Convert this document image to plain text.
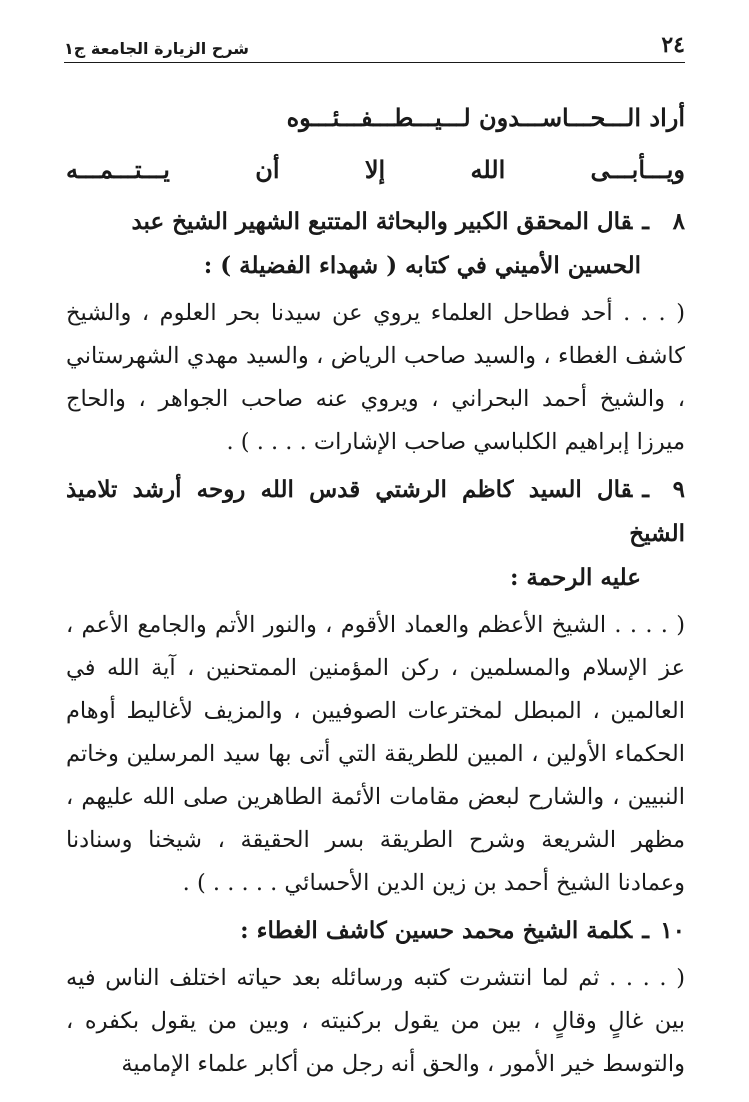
٢٤
شرح الزيارة الجامعة ج١
أراد الـــحـــاســـدون لـــيـــطـــفـــئـــوه
ويـــأبـــى الله إلا أن يـــتـــمـــه
٨ـقال المحقق الكبير والبحاثة المتتبع الشهير الشيخ عبد
الحسين الأميني في كتابه ( شهداء الفضيلة ) :
( . . . أحد فطاحل العلماء يروي عن سيدنا بحر العلوم ، والشيخ كاشف الغطاء ، والسيد صاحب الرياض ، والسيد مهدي الشهرستاني ، والشيخ أحمد البحراني ، ويروي عنه صاحب الجواهر ، والحاج ميرزا إبراهيم الكلباسي صاحب الإشارات . . . . ) .
٩ـقال السيد كاظم الرشتي قدس الله روحه أرشد تلاميذ الشيخ
عليه الرحمة :
( . . . . الشيخ الأعظم والعماد الأقوم ، والنور الأتم والجامع الأعم ، عز الإسلام والمسلمين ، ركن المؤمنين الممتحنين ، آية الله في العالمين ، المبطل لمخترعات الصوفيين ، والمزيف لأغاليط أوهام الحكماء الأولين ، المبين للطريقة التي أتى بها سيد المرسلين وخاتم النبيين ، والشارح لبعض مقامات الأئمة الطاهرين صلى الله عليهم ، مظهر الشريعة وشرح الطريقة بسر الحقيقة ، شيخنا وسنادنا وعمادنا الشيخ أحمد بن زين الدين الأحسائي . . . . . ) .
١٠ـكلمة الشيخ محمد حسين كاشف الغطاء :
( . . . . ثم لما انتشرت كتبه ورسائله بعد حياته اختلف الناس فيه بين غالٍ وقالٍ ، بين من يقول بركنيته ، وبين من يقول بكفره ، والتوسط خير الأمور ، والحق أنه رجل من أكابر علماء الإمامية
